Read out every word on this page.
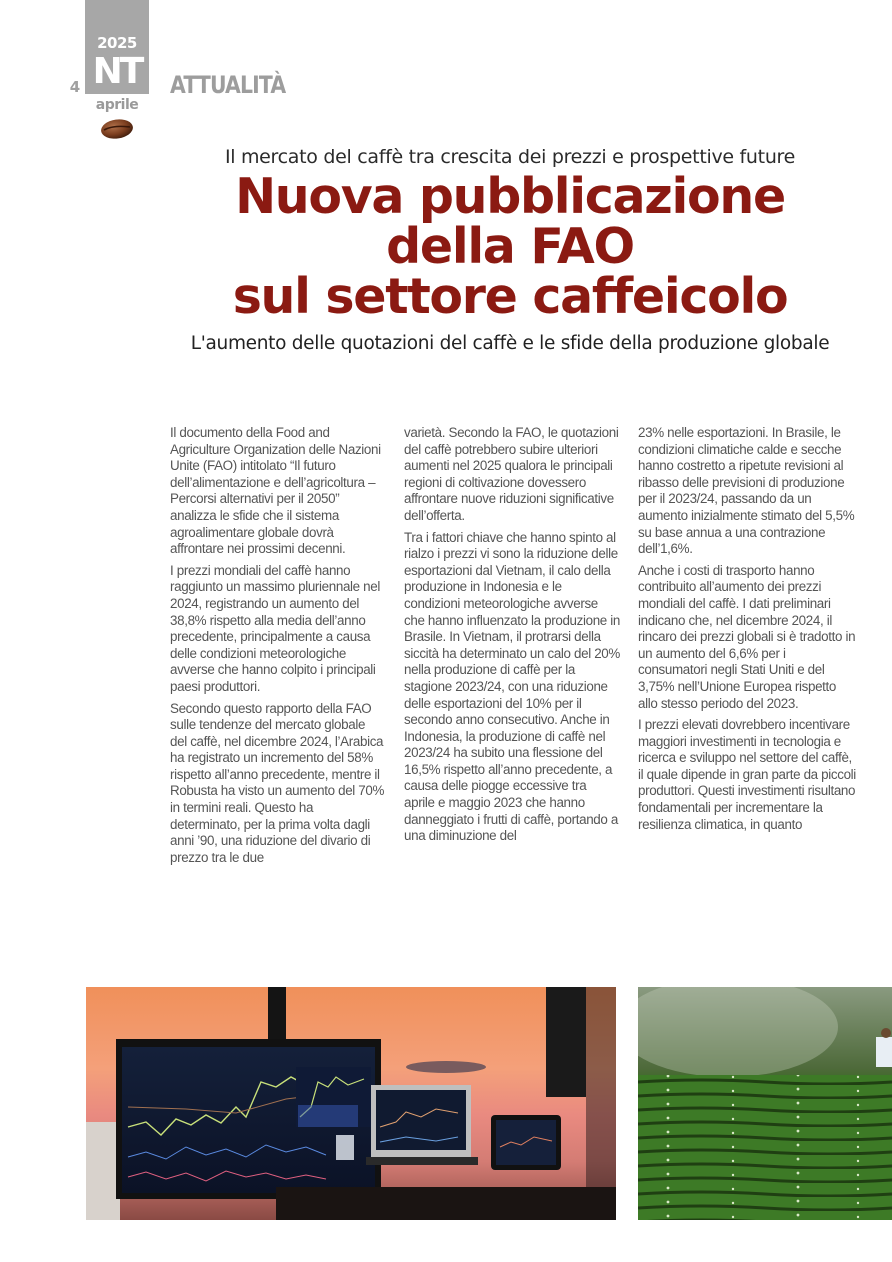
2025
NT
aprile
4	ATTUALITÀ
Il mercato del caffè tra crescita dei prezzi e prospettive future
Nuova pubblicazione
della FAO
sul settore caffeicolo
L'aumento delle quotazioni del caffè e le sfide della produzione globale

Il documento della Food and Agriculture Organization delle Nazioni Unite (FAO) intitolato “Il futuro dell’alimentazione e dell’agricoltura – Percorsi alternativi per il 2050” analizza le sfide che il sistema agroalimentare globale dovrà affrontare nei prossimi decenni.

I prezzi mondiali del caffè hanno raggiunto un massimo pluriennale nel 2024, registrando un aumento del 38,8% rispetto alla media dell’anno precedente, principalmente a causa delle condizioni meteorologiche avverse che hanno colpito i principali paesi produttori.

Secondo questo rapporto della FAO sulle tendenze del mercato globale del caffè, nel dicembre 2024, l’Arabica ha registrato un incremento del 58% rispetto all’anno precedente, mentre il Robusta ha visto un aumento del 70% in termini reali. Questo ha determinato, per la prima volta dagli anni ’90, una riduzione del divario di prezzo tra le due

varietà. Secondo la FAO, le quotazioni del caffè potrebbero subire ulteriori aumenti nel 2025 qualora le principali regioni di coltivazione dovessero affrontare nuove riduzioni significative dell’offerta.

Tra i fattori chiave che hanno spinto al rialzo i prezzi vi sono la riduzione delle esportazioni dal Vietnam, il calo della produzione in Indonesia e le condizioni meteorologiche avverse che hanno influenzato la produzione in Brasile. In Vietnam, il protrarsi della siccità ha determinato un calo del 20% nella produzione di caffè per la stagione 2023/24, con una riduzione delle esportazioni del 10% per il secondo anno consecutivo. Anche in Indonesia, la produzione di caffè nel 2023/24 ha subito una flessione del 16,5% rispetto all’anno precedente, a causa delle piogge eccessive tra aprile e maggio 2023 che hanno danneggiato i frutti di caffè, portando a una diminuzione del

23% nelle esportazioni. In Brasile, le condizioni climatiche calde e secche hanno costretto a ripetute revisioni al ribasso delle previsioni di produzione per il 2023/24, passando da un aumento inizialmente stimato del 5,5% su base annua a una contrazione dell’1,6%.

Anche i costi di trasporto hanno contribuito all’aumento dei prezzi mondiali del caffè. I dati preliminari indicano che, nel dicembre 2024, il rincaro dei prezzi globali si è tradotto in un aumento del 6,6% per i consumatori negli Stati Uniti e del 3,75% nell’Unione Europea rispetto allo stesso periodo del 2023.

I prezzi elevati dovrebbero incentivare maggiori investimenti in tecnologia e ricerca e sviluppo nel settore del caffè, il quale dipende in gran parte da piccoli produttori. Questi investimenti risultano fondamentali per incrementare la resilienza climatica, in quanto
